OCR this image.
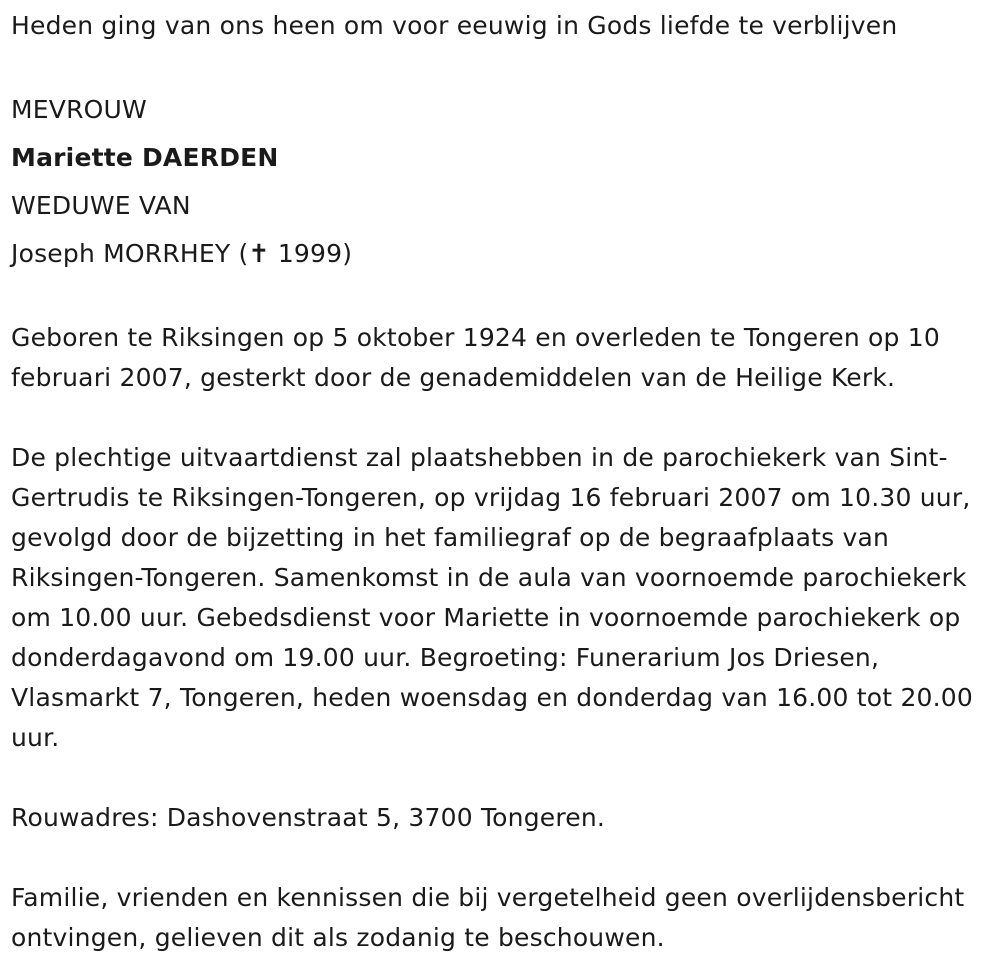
Heden ging van ons heen om voor eeuwig in Gods liefde te verblijven

MEVROUW

Mariette DAERDEN

WEDUWE VAN

Joseph MORRHEY (✝ 1999)

Geboren te Riksingen op 5 oktober 1924 en overleden te Tongeren op 10 februari 2007, gesterkt door de genademiddelen van de Heilige Kerk.

De plechtige uitvaartdienst zal plaatshebben in de parochiekerk van Sint-Gertrudis te Riksingen-Tongeren, op vrijdag 16 februari 2007 om 10.30 uur, gevolgd door de bijzetting in het familiegraf op de begraafplaats van Riksingen-Tongeren. Samenkomst in de aula van voornoemde parochiekerk om 10.00 uur. Gebedsdienst voor Mariette in voornoemde parochiekerk op donderdagavond om 19.00 uur. Begroeting: Funerarium Jos Driesen, Vlasmarkt 7, Tongeren, heden woensdag en donderdag van 16.00 tot 20.00 uur.

Rouwadres: Dashovenstraat 5, 3700 Tongeren.

Familie, vrienden en kennissen die bij vergetelheid geen overlijdensbericht ontvingen, gelieven dit als zodanig te beschouwen.
